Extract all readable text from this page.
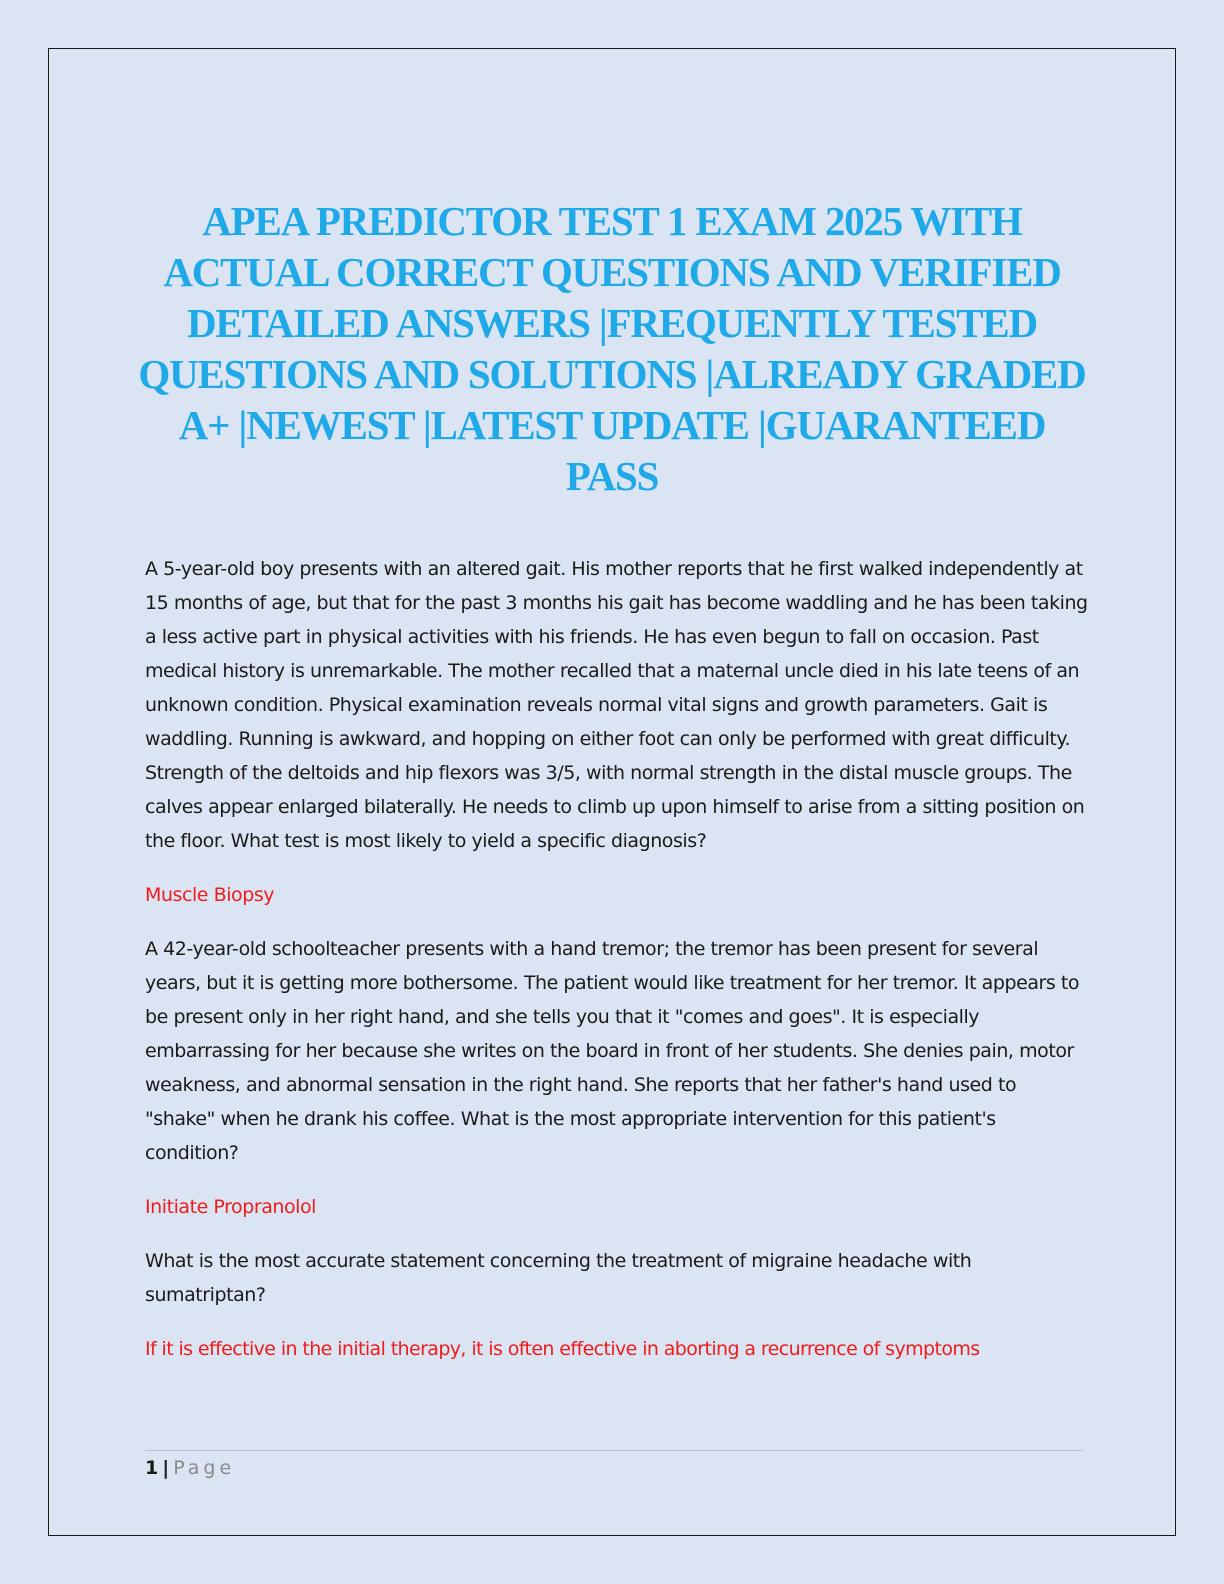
APEA PREDICTOR TEST 1 EXAM 2025 WITH ACTUAL CORRECT QUESTIONS AND VERIFIED DETAILED ANSWERS |FREQUENTLY TESTED QUESTIONS AND SOLUTIONS |ALREADY GRADED A+ |NEWEST |LATEST UPDATE |GUARANTEED PASS

A 5-year-old boy presents with an altered gait. His mother reports that he first walked independently at 15 months of age, but that for the past 3 months his gait has become waddling and he has been taking a less active part in physical activities with his friends. He has even begun to fall on occasion. Past medical history is unremarkable. The mother recalled that a maternal uncle died in his late teens of an unknown condition. Physical examination reveals normal vital signs and growth parameters. Gait is waddling. Running is awkward, and hopping on either foot can only be performed with great difficulty. Strength of the deltoids and hip flexors was 3/5, with normal strength in the distal muscle groups. The calves appear enlarged bilaterally. He needs to climb up upon himself to arise from a sitting position on the floor. What test is most likely to yield a specific diagnosis?

Muscle Biopsy

A 42-year-old schoolteacher presents with a hand tremor; the tremor has been present for several years, but it is getting more bothersome. The patient would like treatment for her tremor. It appears to be present only in her right hand, and she tells you that it "comes and goes". It is especially embarrassing for her because she writes on the board in front of her students. She denies pain, motor weakness, and abnormal sensation in the right hand. She reports that her father's hand used to "shake" when he drank his coffee. What is the most appropriate intervention for this patient's condition?

Initiate Propranolol

What is the most accurate statement concerning the treatment of migraine headache with sumatriptan?

If it is effective in the initial therapy, it is often effective in aborting a recurrence of symptoms

1 | Page
